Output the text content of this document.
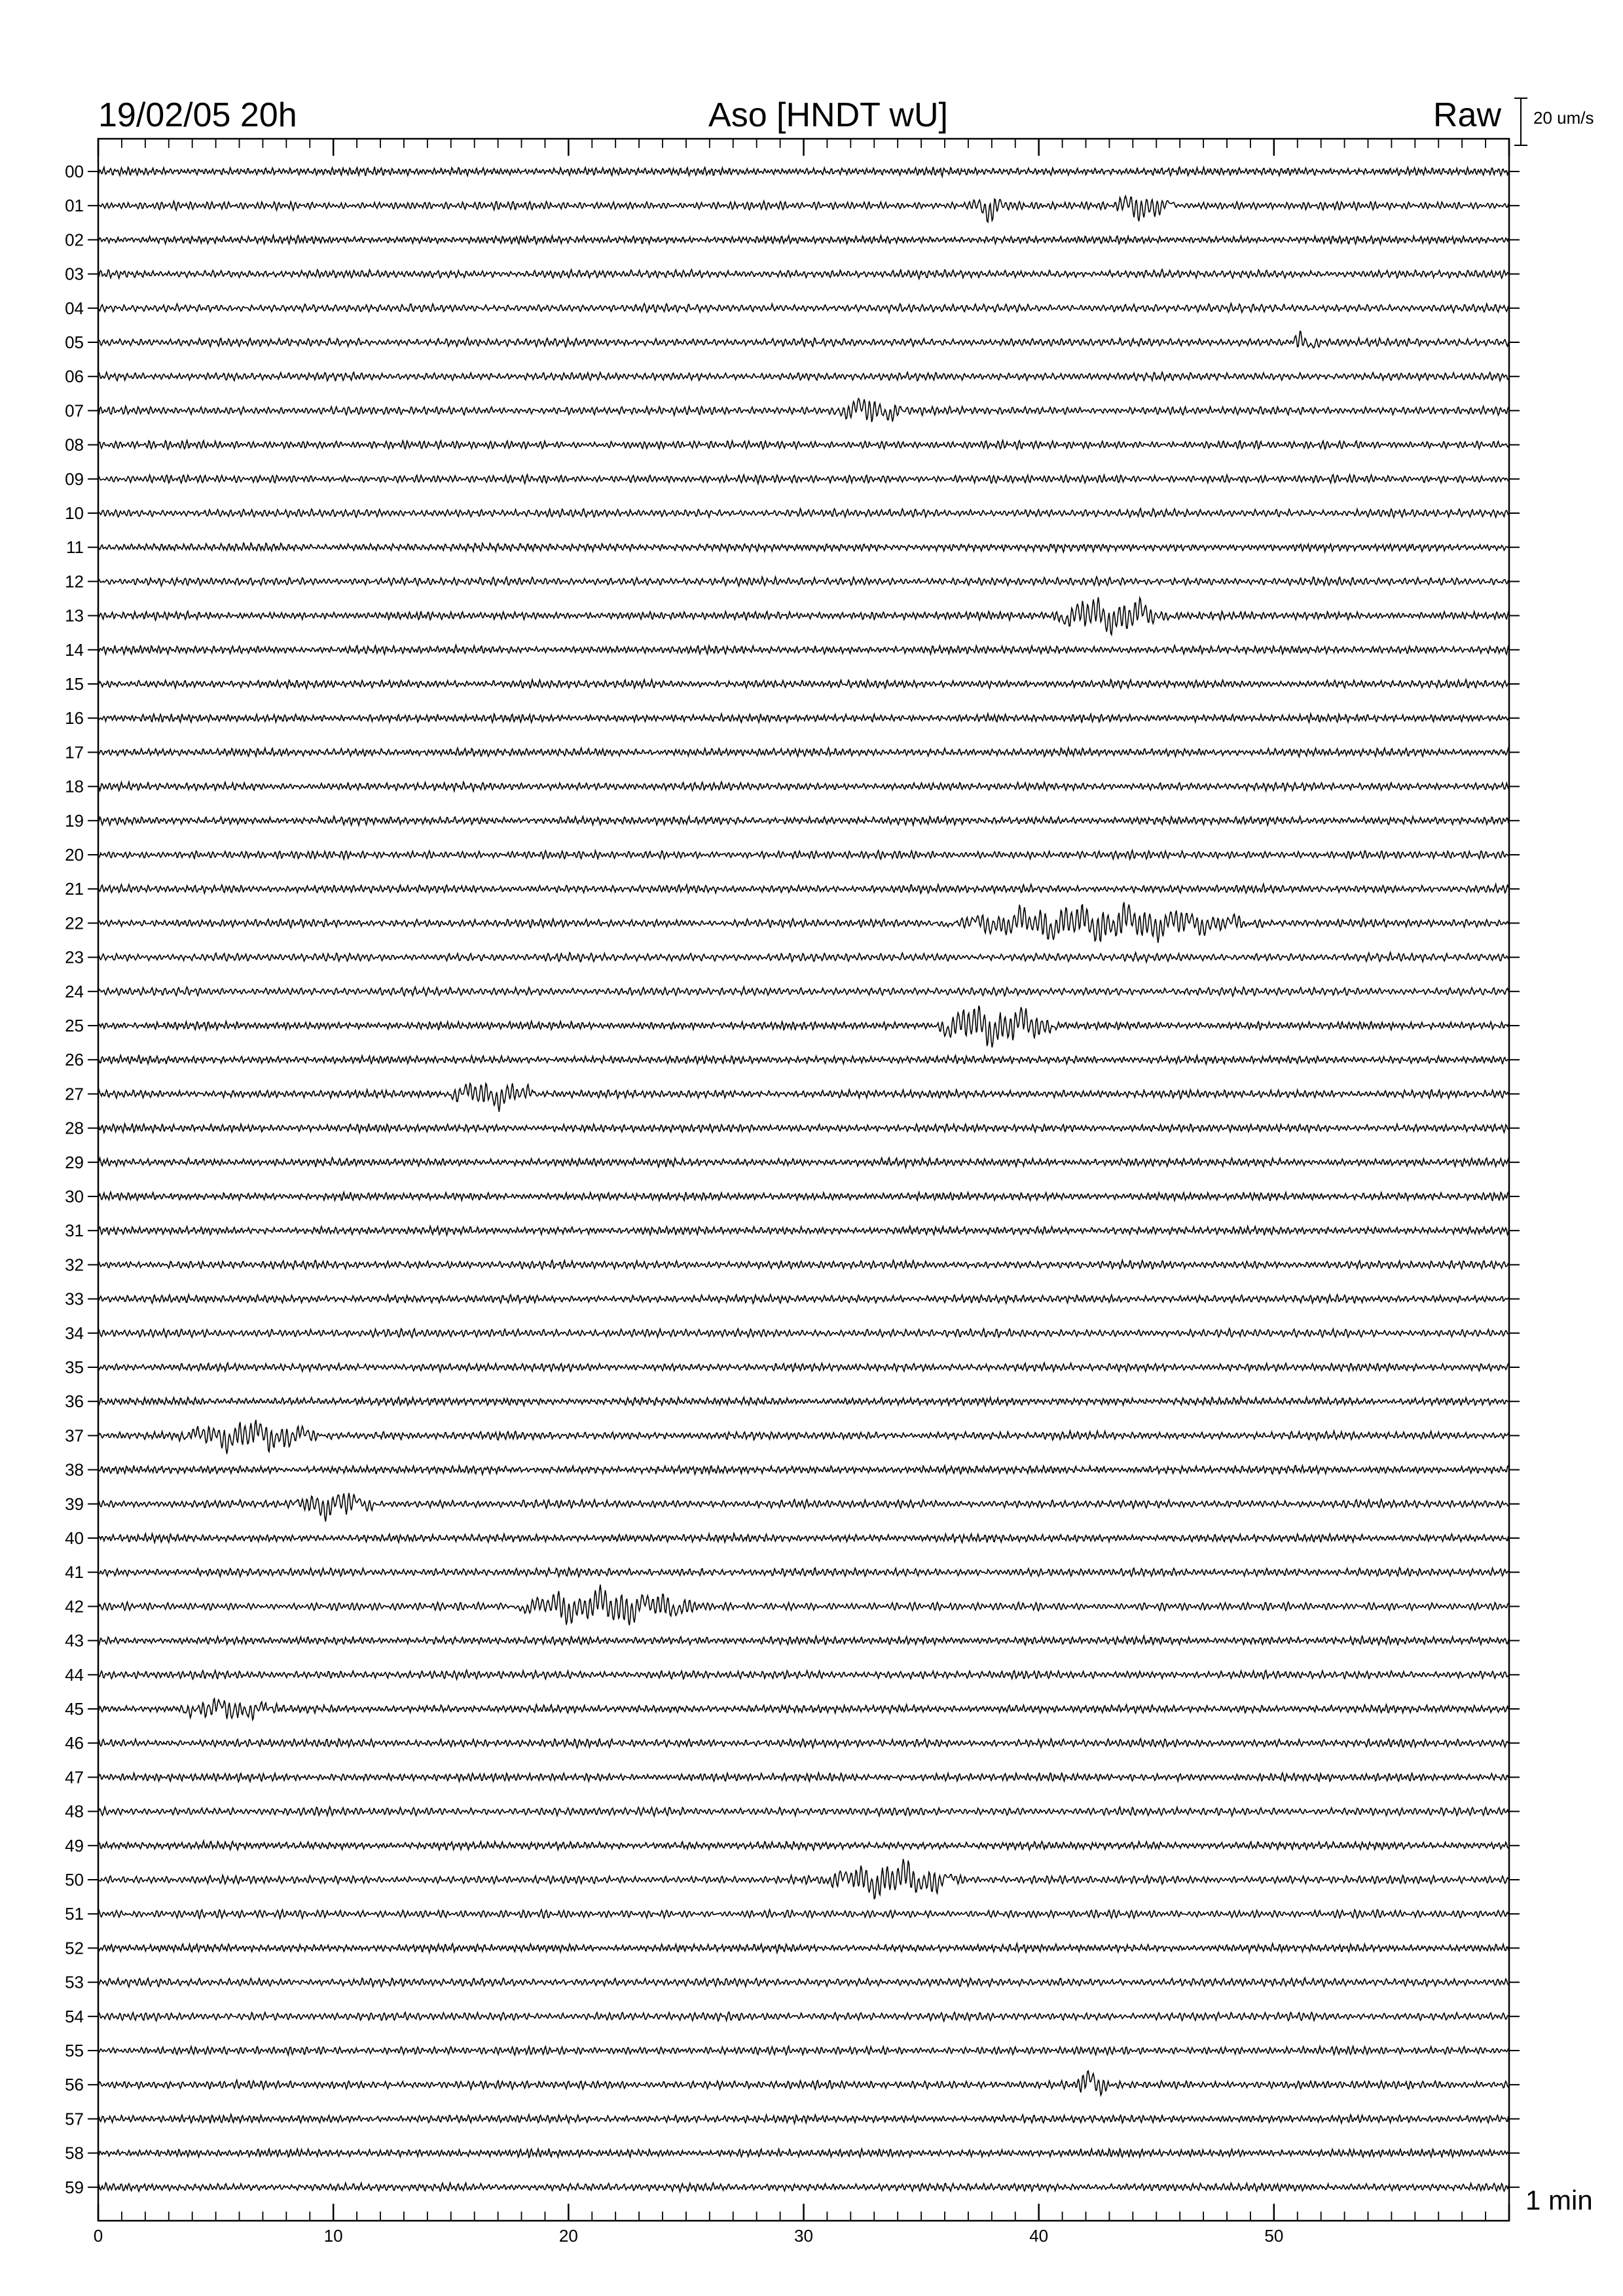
19/02/05 20h	Aso [HNDT wU]	Raw 20 um/s
1 min
0	10	20	30	40	50
00
01
02
03
04
05
06
07
08
09
10
11
12
13
14
15
16
17
18
19
20
21
22
23
24
25
26
27
28
29
30
31
32
33
34
35
36
37
38
39
40
41
42
43
44
45
46
47
48
49
50
51
52
53
54
55
56
57
58
59
